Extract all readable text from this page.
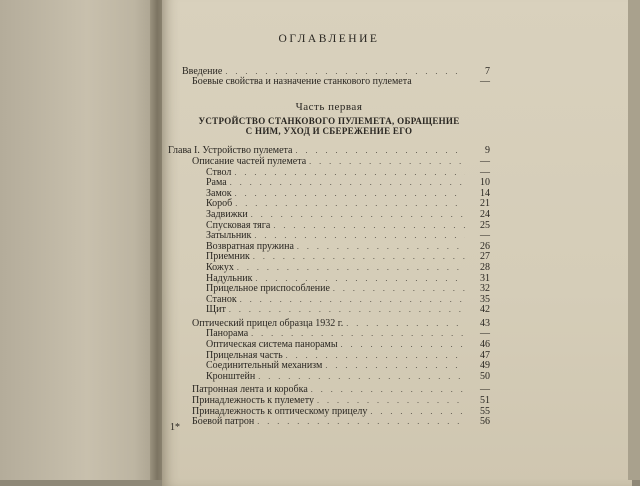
ОГЛАВЛЕНИЕ
Введение . . .	7
Боевые свойства и назначение станкового пулемета	—
Часть первая
УСТРОЙСТВО СТАНКОВОГО ПУЛЕМЕТА, ОБРАЩЕНИЕ
С НИМ, УХОД И СБЕРЕЖЕНИЕ ЕГО
Глава I. Устройство пулемета . . .	9
Описание частей пулемета . . .	—
Ствол . . .	—
Рама . . .	10
Замок . . .	14
Короб . . .	21
Задвижки . . .	24
Спусковая тяга . . .	25
Затыльник . . .	—
Возвратная пружина . . .	26
Приемник . . .	27
Кожух . . .	28
Надульник . . .	31
Прицельное приспособление . . .	32
Станок . . .	35
Щит . . .	42
Оптический прицел образца 1932 г. . . .	43
Панорама . . .	—
Оптическая система панорамы . . .	46
Прицельная часть . . .	47
Соединительный механизм . . .	49
Кронштейн . . .	50
Патронная лента и коробка . . .	—
Принадлежность к пулемету . . .	51
Принадлежность к оптическому прицелу . . .	55
Боевой патрон . . .	56
1*
